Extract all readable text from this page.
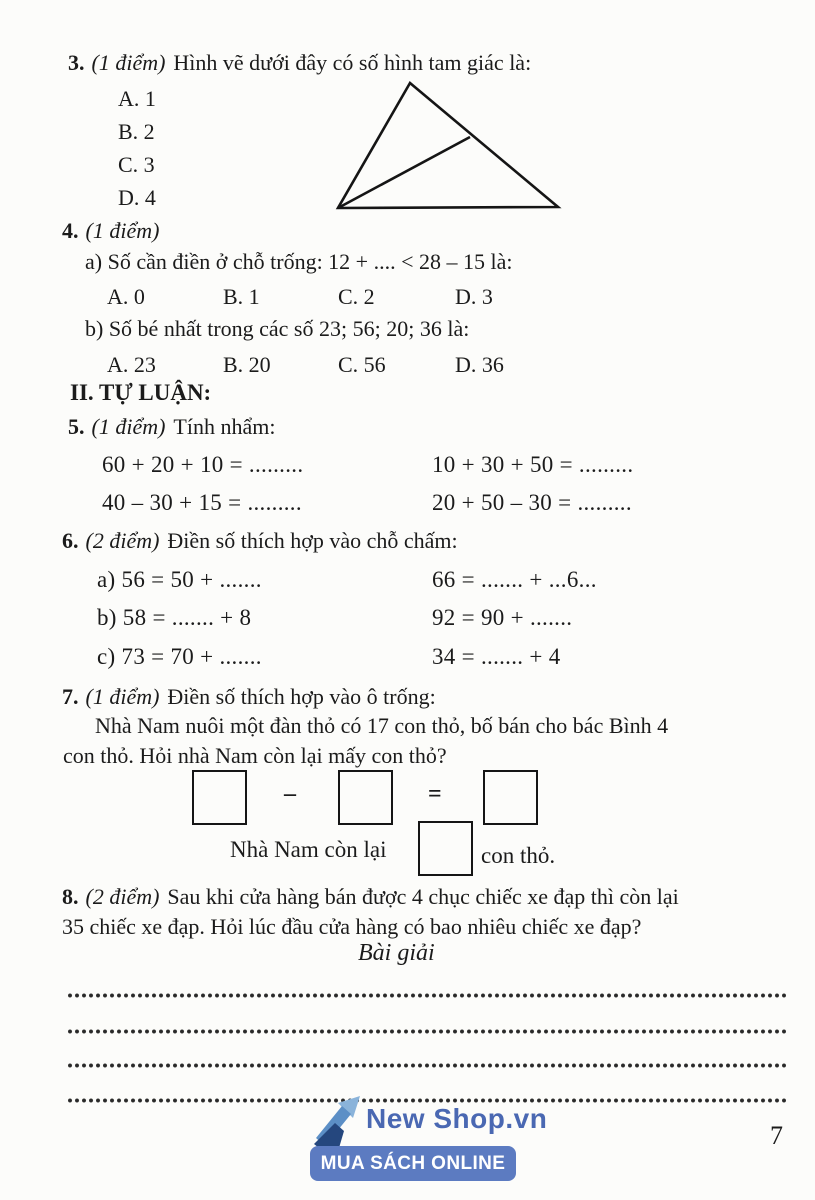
3. (1 điểm) Hình vẽ dưới đây có số hình tam giác là:
A. 1
B. 2
C. 3
D. 4
4. (1 điểm)
a) Số cần điền ở chỗ trống: 12 + .... < 28 – 15 là:
A. 0	B. 1	C. 2	D. 3
b) Số bé nhất trong các số 23; 56; 20; 36 là:
A. 23	B. 20	C. 56	D. 36
II. TỰ LUẬN:
5. (1 điểm) Tính nhẩm:
60 + 20 + 10 = .........	10 + 30 + 50 = .........
40 – 30 + 15 = .........	20 + 50 – 30 = .........
6. (2 điểm) Điền số thích hợp vào chỗ chấm:
a) 56 = 50 + .......	66 = ....... + ...6...
b) 58 = ....... + 8	92 = 90 + .......
c) 73 = 70 + .......	34 = ....... + 4
7. (1 điểm) Điền số thích hợp vào ô trống:
Nhà Nam nuôi một đàn thỏ có 17 con thỏ, bố bán cho bác Bình 4
con thỏ. Hỏi nhà Nam còn lại mấy con thỏ?
–	=
Nhà Nam còn lại	con thỏ.
8. (2 điểm) Sau khi cửa hàng bán được 4 chục chiếc xe đạp thì còn lại
35 chiếc xe đạp. Hỏi lúc đầu cửa hàng có bao nhiêu chiếc xe đạp?
Bài giải
New Shop.vn
MUA SÁCH ONLINE
7
